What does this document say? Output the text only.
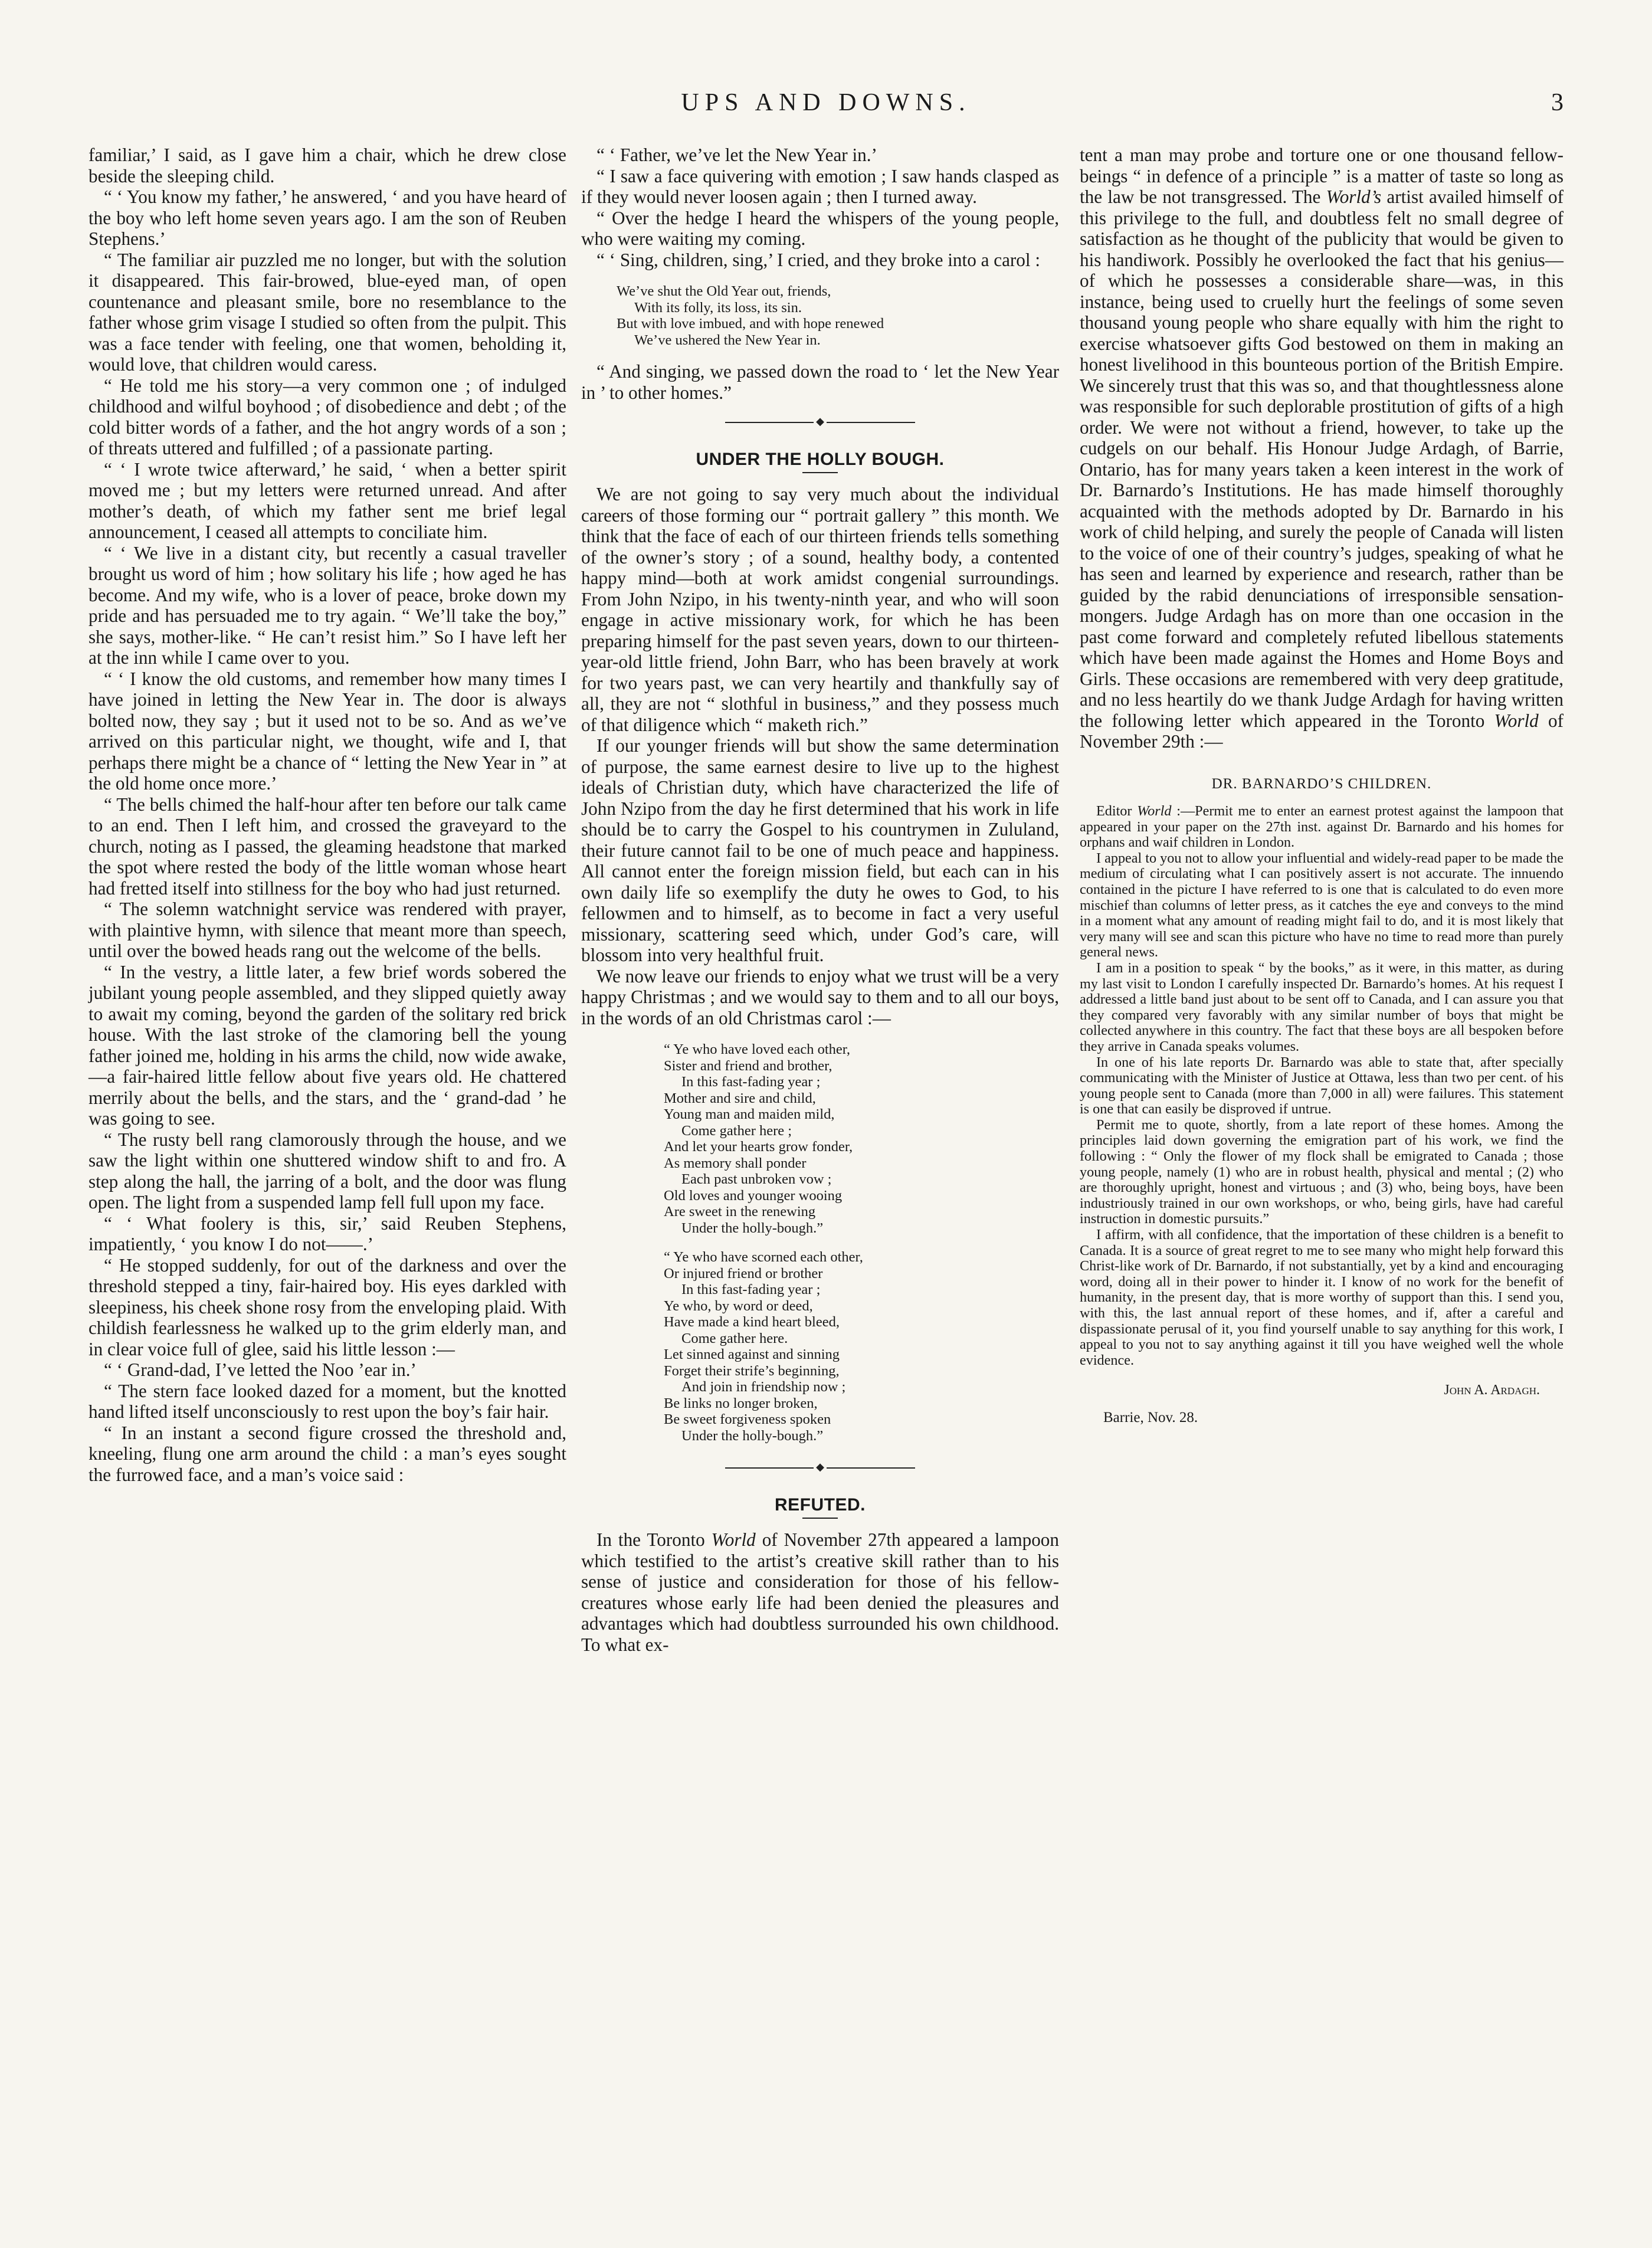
UPS AND DOWNS.	3

familiar,’ I said, as I gave him a chair, which he drew close beside the sleeping child.

“ ‘ You know my father,’ he answered, ‘ and you have heard of the boy who left home seven years ago. I am the son of Reuben Stephens.’

“ The familiar air puzzled me no longer, but with the solution it disappeared. This fair-browed, blue-eyed man, of open countenance and pleasant smile, bore no resemblance to the father whose grim visage I studied so often from the pulpit. This was a face tender with feeling, one that women, beholding it, would love, that children would caress.

“ He told me his story—a very common one ; of indulged childhood and wilful boyhood ; of disobedience and debt ; of the cold bitter words of a father, and the hot angry words of a son ; of threats uttered and fulfilled ; of a passionate parting.

“ ‘ I wrote twice afterward,’ he said, ‘ when a better spirit moved me ; but my letters were returned unread. And after mother’s death, of which my father sent me brief legal announcement, I ceased all attempts to conciliate him.

“ ‘ We live in a distant city, but recently a casual traveller brought us word of him ; how solitary his life ; how aged he has become. And my wife, who is a lover of peace, broke down my pride and has persuaded me to try again. “ We’ll take the boy,” she says, mother-like. “ He can’t resist him.” So I have left her at the inn while I came over to you.

“ ‘ I know the old customs, and remember how many times I have joined in letting the New Year in. The door is always bolted now, they say ; but it used not to be so. And as we’ve arrived on this particular night, we thought, wife and I, that perhaps there might be a chance of “ letting the New Year in ” at the old home once more.’

“ The bells chimed the half-hour after ten before our talk came to an end. Then I left him, and crossed the graveyard to the church, noting as I passed, the gleaming headstone that marked the spot where rested the body of the little woman whose heart had fretted itself into stillness for the boy who had just returned.

“ The solemn watchnight service was rendered with prayer, with plaintive hymn, with silence that meant more than speech, until over the bowed heads rang out the welcome of the bells.

“ In the vestry, a little later, a few brief words sobered the jubilant young people assembled, and they slipped quietly away to await my coming, beyond the garden of the solitary red brick house. With the last stroke of the clamoring bell the young father joined me, holding in his arms the child, now wide awake,—a fair-haired little fellow about five years old. He chattered merrily about the bells, and the stars, and the ‘ grand-dad ’ he was going to see.

“ The rusty bell rang clamorously through the house, and we saw the light within one shuttered window shift to and fro. A step along the hall, the jarring of a bolt, and the door was flung open. The light from a suspended lamp fell full upon my face.

“ ‘ What foolery is this, sir,’ said Reuben Stephens, impatiently, ‘ you know I do not——.’

“ He stopped suddenly, for out of the darkness and over the threshold stepped a tiny, fair-haired boy. His eyes darkled with sleepiness, his cheek shone rosy from the enveloping plaid. With childish fearlessness he walked up to the grim elderly man, and in clear voice full of glee, said his little lesson :—

“ ‘ Grand-dad, I’ve letted the Noo ’ear in.’

“ The stern face looked dazed for a moment, but the knotted hand lifted itself unconsciously to rest upon the boy’s fair hair.

“ In an instant a second figure crossed the threshold and, kneeling, flung one arm around the child : a man’s eyes sought the furrowed face, and a man’s voice said :

“ ‘ Father, we’ve let the New Year in.’

“ I saw a face quivering with emotion ; I saw hands clasped as if they would never loosen again ; then I turned away.

“ Over the hedge I heard the whispers of the young people, who were waiting my coming.

“ ‘ Sing, children, sing,’ I cried, and they broke into a carol :

We’ve shut the Old Year out, friends,
With its folly, its loss, its sin.
But with love imbued, and with hope renewed
We’ve ushered the New Year in.

“ And singing, we passed down the road to ‘ let the New Year in ’ to other homes.”

◆
UNDER THE HOLLY BOUGH.

We are not going to say very much about the individual careers of those forming our “ portrait gallery ” this month. We think that the face of each of our thirteen friends tells something of the owner’s story ; of a sound, healthy body, a contented happy mind—both at work amidst congenial surroundings. From John Nzipo, in his twenty-ninth year, and who will soon engage in active missionary work, for which he has been preparing himself for the past seven years, down to our thirteen-year-old little friend, John Barr, who has been bravely at work for two years past, we can very heartily and thankfully say of all, they are not “ slothful in business,” and they possess much of that diligence which “ maketh rich.”

If our younger friends will but show the same determination of purpose, the same earnest desire to live up to the highest ideals of Christian duty, which have characterized the life of John Nzipo from the day he first determined that his work in life should be to carry the Gospel to his countrymen in Zululand, their future cannot fail to be one of much peace and happiness. All cannot enter the foreign mission field, but each can in his own daily life so exemplify the duty he owes to God, to his fellowmen and to himself, as to become in fact a very useful missionary, scattering seed which, under God’s care, will blossom into very healthful fruit.

We now leave our friends to enjoy what we trust will be a very happy Christmas ; and we would say to them and to all our boys, in the words of an old Christmas carol :—

“ Ye who have loved each other,
Sister and friend and brother,
In this fast-fading year ;
Mother and sire and child,
Young man and maiden mild,
Come gather here ;
And let your hearts grow fonder,
As memory shall ponder
Each past unbroken vow ;
Old loves and younger wooing
Are sweet in the renewing
Under the holly-bough.”
“ Ye who have scorned each other,
Or injured friend or brother
In this fast-fading year ;
Ye who, by word or deed,
Have made a kind heart bleed,
Come gather here.
Let sinned against and sinning
Forget their strife’s beginning,
And join in friendship now ;
Be links no longer broken,
Be sweet forgiveness spoken
Under the holly-bough.”
◆
REFUTED.

In the Toronto World of November 27th appeared a lampoon which testified to the artist’s creative skill rather than to his sense of justice and consideration for those of his fellow-creatures whose early life had been denied the pleasures and advantages which had doubtless surrounded his own childhood. To what ex-

tent a man may probe and torture one or one thousand fellow-beings “ in defence of a principle ” is a matter of taste so long as the law be not transgressed. The World’s artist availed himself of this privilege to the full, and doubtless felt no small degree of satisfaction as he thought of the publicity that would be given to his handiwork. Possibly he overlooked the fact that his genius—of which he possesses a considerable share—was, in this instance, being used to cruelly hurt the feelings of some seven thousand young people who share equally with him the right to exercise whatsoever gifts God bestowed on them in making an honest livelihood in this bounteous portion of the British Empire. We sincerely trust that this was so, and that thoughtlessness alone was responsible for such deplorable prostitution of gifts of a high order. We were not without a friend, however, to take up the cudgels on our behalf. His Honour Judge Ardagh, of Barrie, Ontario, has for many years taken a keen interest in the work of Dr. Barnardo’s Institutions. He has made himself thoroughly acquainted with the methods adopted by Dr. Barnardo in his work of child helping, and surely the people of Canada will listen to the voice of one of their country’s judges, speaking of what he has seen and learned by experience and research, rather than be guided by the rabid denunciations of irresponsible sensation-mongers. Judge Ardagh has on more than one occasion in the past come forward and completely refuted libellous statements which have been made against the Homes and Home Boys and Girls. These occasions are remembered with very deep gratitude, and no less heartily do we thank Judge Ardagh for having written the following letter which appeared in the Toronto World of November 29th :—

DR. BARNARDO’S CHILDREN.

Editor World :—Permit me to enter an earnest protest against the lampoon that appeared in your paper on the 27th inst. against Dr. Barnardo and his homes for orphans and waif children in London.

I appeal to you not to allow your influential and widely-read paper to be made the medium of circulating what I can positively assert is not accurate. The innuendo contained in the picture I have referred to is one that is calculated to do even more mischief than columns of letter press, as it catches the eye and conveys to the mind in a moment what any amount of reading might fail to do, and it is most likely that very many will see and scan this picture who have no time to read more than purely general news.

I am in a position to speak “ by the books,” as it were, in this matter, as during my last visit to London I carefully inspected Dr. Barnardo’s homes. At his request I addressed a little band just about to be sent off to Canada, and I can assure you that they compared very favorably with any similar number of boys that might be collected anywhere in this country. The fact that these boys are all bespoken before they arrive in Canada speaks volumes.

In one of his late reports Dr. Barnardo was able to state that, after specially communicating with the Minister of Justice at Ottawa, less than two per cent. of his young people sent to Canada (more than 7,000 in all) were failures. This statement is one that can easily be disproved if untrue.

Permit me to quote, shortly, from a late report of these homes. Among the principles laid down governing the emigration part of his work, we find the following : “ Only the flower of my flock shall be emigrated to Canada ; those young people, namely (1) who are in robust health, physical and mental ; (2) who are thoroughly upright, honest and virtuous ; and (3) who, being boys, have been industriously trained in our own workshops, or who, being girls, have had careful instruction in domestic pursuits.”

I affirm, with all confidence, that the importation of these children is a benefit to Canada. It is a source of great regret to me to see many who might help forward this Christ-like work of Dr. Barnardo, if not substantially, yet by a kind and encouraging word, doing all in their power to hinder it. I know of no work for the benefit of humanity, in the present day, that is more worthy of support than this. I send you, with this, the last annual report of these homes, and if, after a careful and dispassionate perusal of it, you find yourself unable to say anything for this work, I appeal to you not to say anything against it till you have weighed well the whole evidence.

John A. Ardagh.
Barrie, Nov. 28.
